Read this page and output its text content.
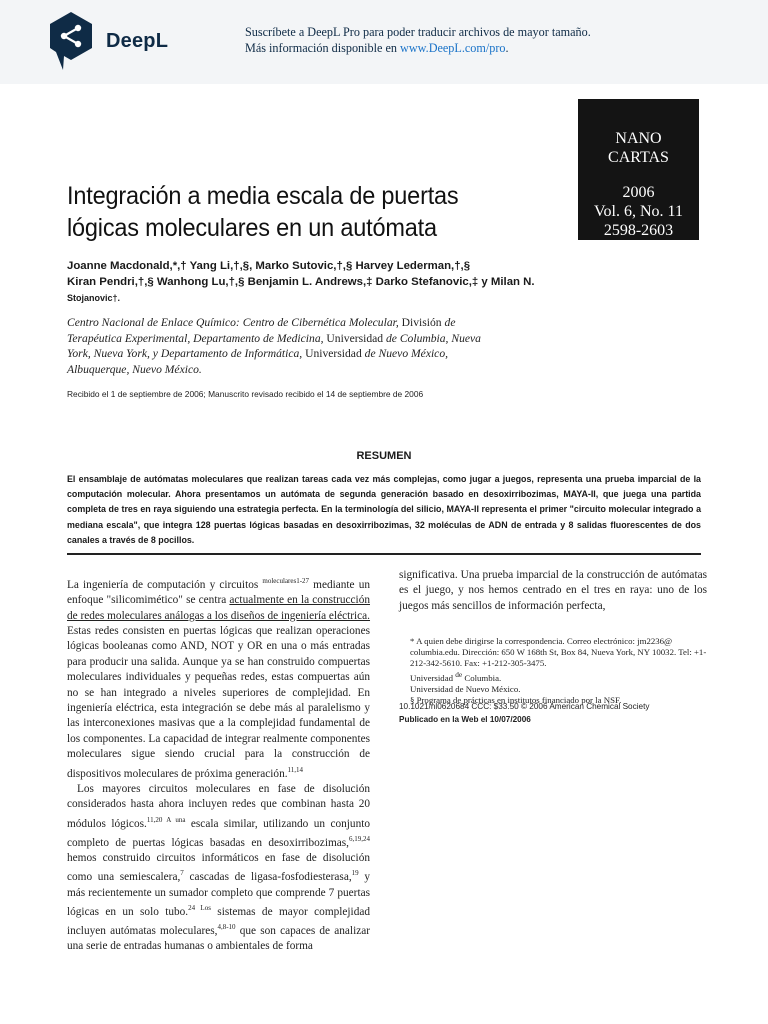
DeepL	Suscríbete a DeepL Pro para poder traducir archivos de mayor tamaño.
Más información disponible en www.DeepL.com/pro.
NANO
CARTAS
2006
Vol. 6, No. 11
2598-2603
Integración a media escala de puertas lógicas moleculares en un autómata
Joanne Macdonald,*,† Yang Li,†,§, Marko Sutovic,†,§ Harvey Lederman,†,§
Kiran Pendri,†,§ Wanhong Lu,†,§ Benjamin L. Andrews,‡ Darko Stefanovic,‡ y Milan N.
Stojanovic†.
Centro Nacional de Enlace Químico: Centro de Cibernética Molecular, División de Terapéutica Experimental, Departamento de Medicina, Universidad de Columbia, Nueva York, Nueva York, y Departamento de Informática, Universidad de Nuevo México, Albuquerque, Nuevo México.
Recibido el 1 de septiembre de 2006; Manuscrito revisado recibido el 14 de septiembre de 2006
RESUMEN
El ensamblaje de autómatas moleculares que realizan tareas cada vez más complejas, como jugar a juegos, representa una prueba imparcial de la computación molecular. Ahora presentamos un autómata de segunda generación basado en desoxirribozimas, MAYA-II, que juega una partida completa de tres en raya siguiendo una estrategia perfecta. En la terminología del silicio, MAYA-II representa el primer "circuito molecular integrado a mediana escala", que integra 128 puertas lógicas basadas en desoxirribozimas, 32 moléculas de ADN de entrada y 8 salidas fluorescentes de dos canales a través de 8 pocillos.

La ingeniería de computación y circuitos $^{moleculares1-27}$ mediante un enfoque "silicomimético" se centra actualmente en la construcción de redes moleculares análogas a los diseños de ingeniería eléctrica. Estas redes consisten en puertas lógicas que realizan operaciones lógicas booleanas como AND, NOT y OR en una o más entradas para producir una salida. Aunque ya se han construido compuertas moleculares individuales y pequeñas redes, estas compuertas aún no se han integrado a niveles superiores de complejidad. En ingeniería eléctrica, esta integración se debe más al paralelismo y las interconexiones masivas que a la complejidad fundamental de los componentes. La capacidad de integrar realmente componentes moleculares sigue siendo crucial para la construcción de dispositivos moleculares de próxima generación.$^{11,14}$

Los mayores circuitos moleculares en fase de disolución considerados hasta ahora incluyen redes que combinan hasta 20 módulos lógicos.$^{11,20 A una}$ escala similar, utilizando un conjunto completo de puertas lógicas basadas en desoxirribozimas,$^{6,19,24}$ hemos construido circuitos informáticos en fase de disolución como una semiescalera,$^7$ cascadas de ligasa-fosfodiesterasa,$^{19}$ y más recientemente un sumador completo que comprende 7 puertas lógicas en un solo tubo.$^{24 Los}$ sistemas de mayor complejidad incluyen autómatas moleculares,$^{4,8-10}$ que son capaces de analizar una serie de entradas humanas o ambientales de forma

significativa. Una prueba imparcial de la construcción de autómatas es el juego, y nos hemos centrado en el tres en raya: uno de los juegos más sencillos de información perfecta,

* A quien debe dirigirse la correspondencia. Correo electrónico: jm2236@ columbia.edu. Dirección: 650 W 168th St, Box 84, Nueva York, NY 10032. Tel: +1-212-342-5610. Fax: +1-212-305-3475.

Universidad $^{de}$ Columbia.

Universidad de Nuevo México.

§ Programa de prácticas en institutos financiado por la NSF.

10.1021/nl0620684 CCC: $33.50 © 2006 American Chemical Society
Publicado en la Web el 10/07/2006
